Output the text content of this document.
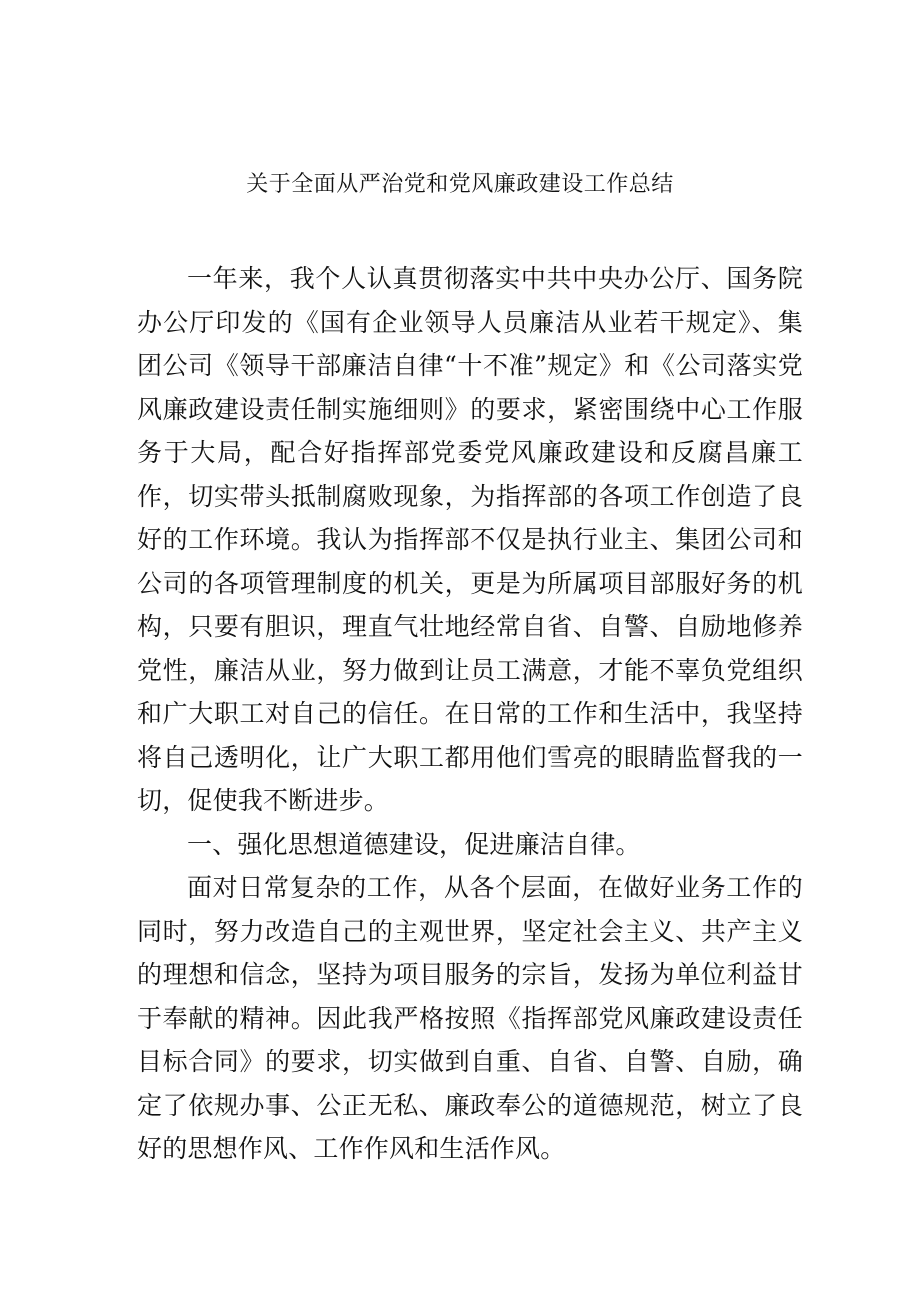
关于全面从严治党和党风廉政建设工作总结

一年来，我个人认真贯彻落实中共中央办公厅、国务院办公厅印发的《国有企业领导人员廉洁从业若干规定》、集团公司《领导干部廉洁自律“十不准”规定》和《公司落实党风廉政建设责任制实施细则》的要求，紧密围绕中心工作服务于大局，配合好指挥部党委党风廉政建设和反腐昌廉工作，切实带头抵制腐败现象，为指挥部的各项工作创造了良好的工作环境。我认为指挥部不仅是执行业主、集团公司和公司的各项管理制度的机关，更是为所属项目部服好务的机构，只要有胆识，理直气壮地经常自省、自警、自励地修养党性，廉洁从业，努力做到让员工满意，才能不辜负党组织和广大职工对自己的信任。在日常的工作和生活中，我坚持将自己透明化，让广大职工都用他们雪亮的眼睛监督我的一切，促使我不断进步。

一、强化思想道德建设，促进廉洁自律。

面对日常复杂的工作，从各个层面，在做好业务工作的同时，努力改造自己的主观世界，坚定社会主义、共产主义的理想和信念，坚持为项目服务的宗旨，发扬为单位利益甘于奉献的精神。因此我严格按照《指挥部党风廉政建设责任目标合同》的要求，切实做到自重、自省、自警、自励，确定了依规办事、公正无私、廉政奉公的道德规范，树立了良好的思想作风、工作作风和生活作风。
